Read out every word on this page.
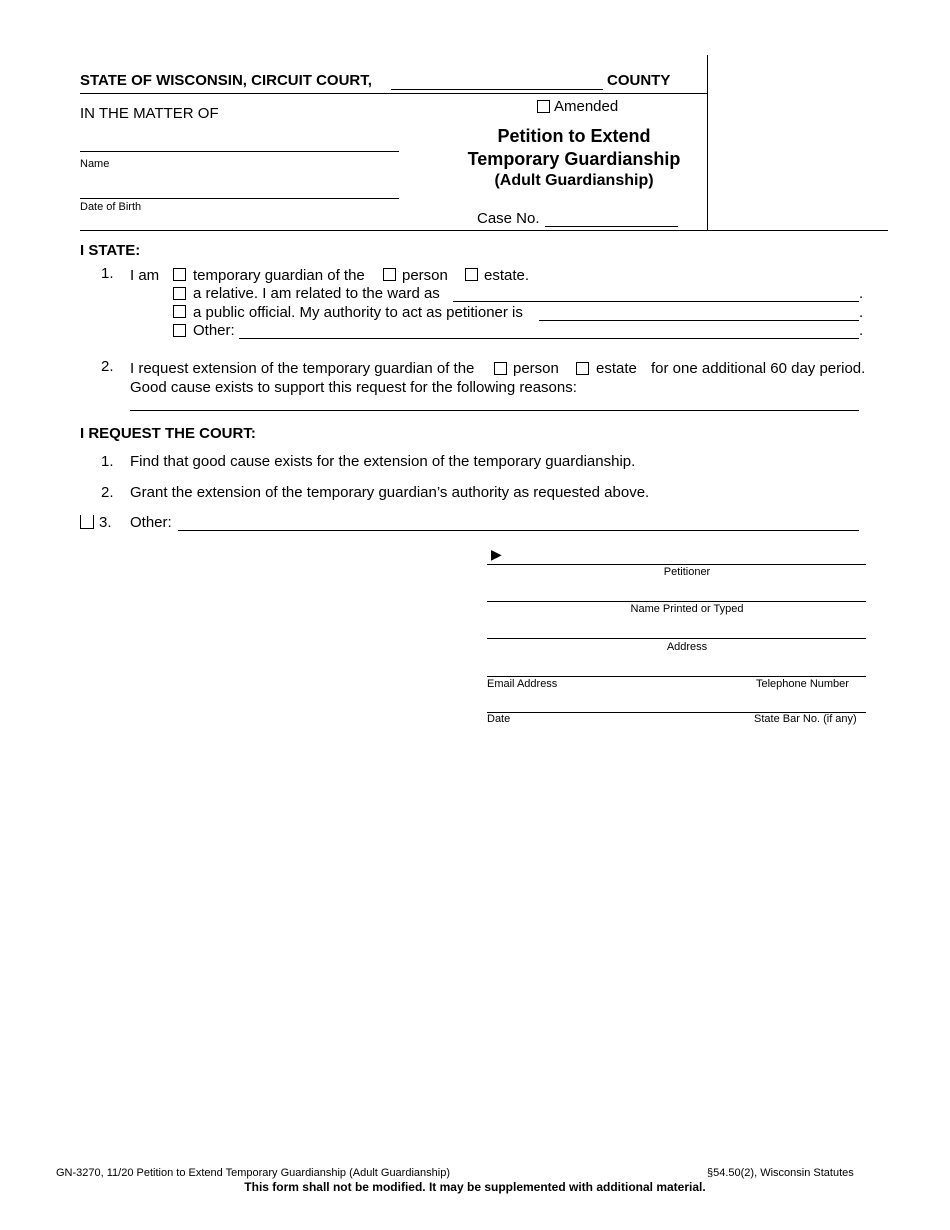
STATE OF WISCONSIN, CIRCUIT COURT,	COUNTY
IN THE MATTER OF
Name
Date of Birth
Amended
Petition to Extend
Temporary Guardianship
(Adult Guardianship)
Case No.
I STATE:
1. I am temporary guardian of the person estate.
a relative. I am related to the ward as	.
a public official. My authority to act as petitioner is	.
Other:	.
2. I request extension of the temporary guardian of the	person estate for one additional 60 day period.
Good cause exists to support this request for the following reasons:
I REQUEST THE COURT:
1. Find that good cause exists for the extension of the temporary guardianship.
2. Grant the extension of the temporary guardian’s authority as requested above.
3. Other:
▶
Petitioner
Name Printed or Typed
Address
Email Address	Telephone Number
Date	State Bar No. (if any)
GN-3270, 11/20 Petition to Extend Temporary Guardianship (Adult Guardianship)	§54.50(2), Wisconsin Statutes
This form shall not be modified. It may be supplemented with additional material.
